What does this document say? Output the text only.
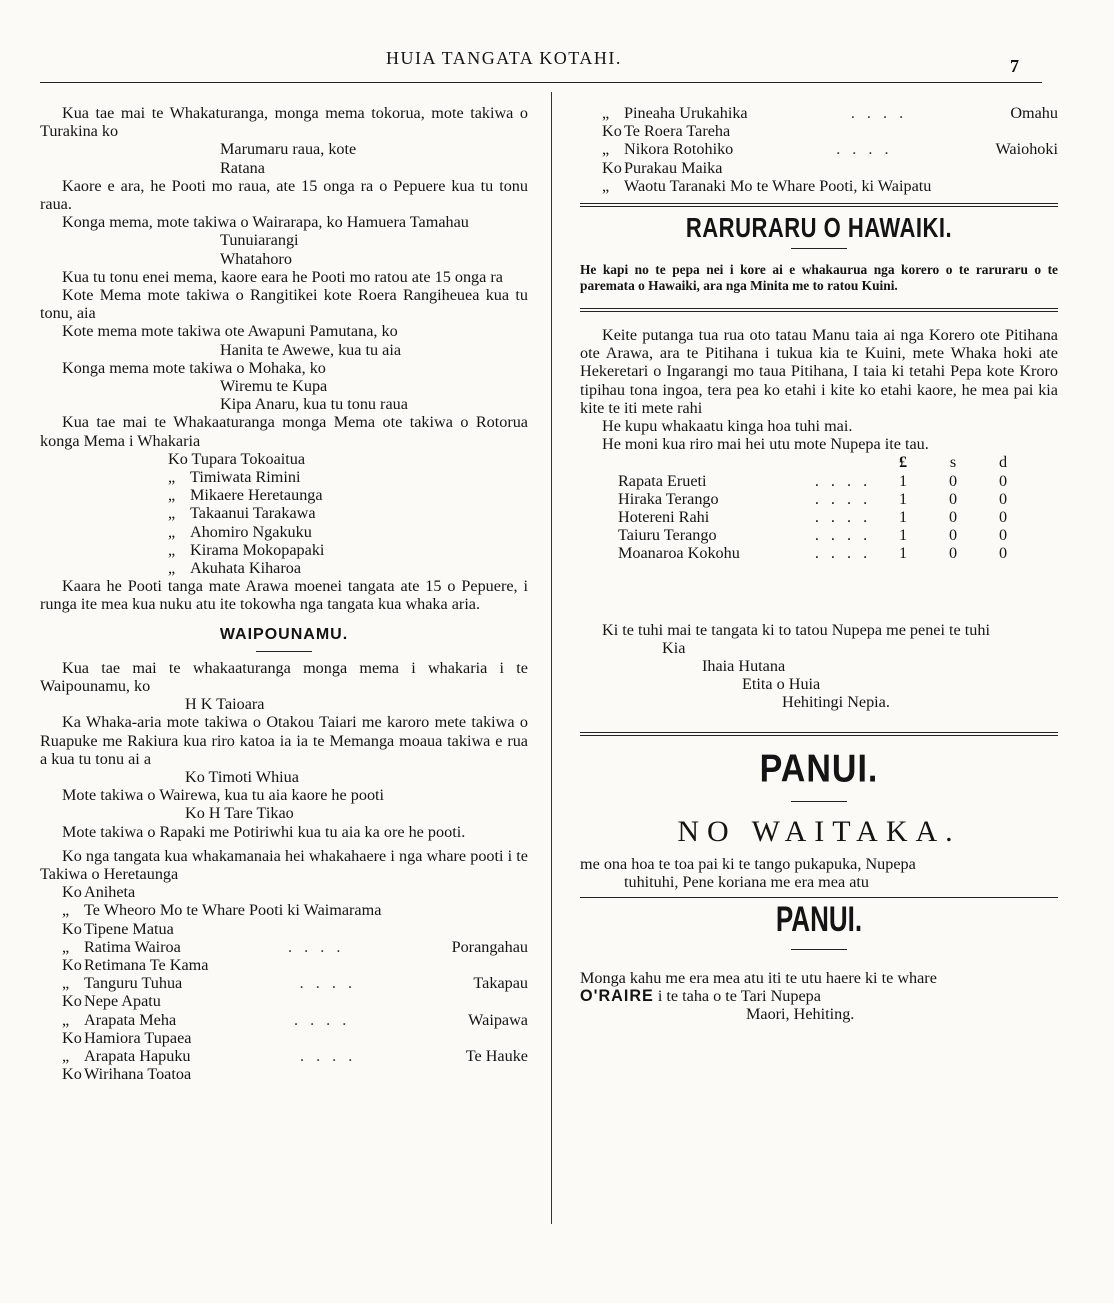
HUIA TANGATA KOTAHI.	7

Kua tae mai te Whakaturanga, monga mema tokorua, mote takiwa o Turakina ko

Marumaru raua, kote
Ratana

Kaore e ara, he Pooti mo raua, ate 15 onga ra o Pepuere kua tu tonu raua.

Konga mema, mote takiwa o Wairarapa, ko Hamuera Tamahau

Tunuiarangi
Whatahoro

Kua tu tonu enei mema, kaore eara he Pooti mo ratou ate 15 onga ra

Kote Mema mote takiwa o Rangitikei kote Roera Rangiheuea kua tu tonu, aia

Kote mema mote takiwa ote Awapuni Pamutana, ko
Hanita te Awewe, kua tu aia
Konga mema mote takiwa o Mohaka, ko
Wiremu te Kupa
Kipa Anaru, kua tu tonu raua

Kua tae mai te Whakaaturanga monga Mema ote takiwa o Rotorua konga Mema i Whakaria

Ko Tupara Tokoaitua
„ Timiwata Rimini
„ Mikaere Heretaunga
„ Takaanui Tarakawa
„ Ahomiro Ngakuku
„ Kirama Mokopapaki
„ Akuhata Kiharoa

Kaara he Pooti tanga mate Arawa moenei tangata ate 15 o Pepuere, i runga ite mea kua nuku atu ite tokowha nga tangata kua whaka aria.

WAIPOUNAMU.

Kua tae mai te whakaaturanga monga mema i whakaria i te Waipounamu, ko

H K Taioara

Ka Whaka-aria mote takiwa o Otakou Taiari me karoro mete takiwa o Ruapuke me Rakiura kua riro katoa ia ia te Memanga moaua takiwa e rua a kua tu tonu ai a

Ko Timoti Whiua
Mote takiwa o Wairewa, kua tu aia kaore he pooti
Ko H Tare Tikao

Mote takiwa o Rapaki me Potiriwhi kua tu aia ka ore he pooti.

Ko nga tangata kua whakamanaia hei whakahaere i nga whare pooti i te Takiwa o Heretaunga

Ko Aniheta
„ Te Wheoro Mo te Whare Pooti ki Waimarama
Ko Tipene Matua
„ Ratima Wairoa	. . . .	Porangahau
Ko Retimana Te Kama
„ Tanguru Tuhua	. . . .	Takapau
Ko Nepe Apatu
„ Arapata Meha	. . . .	Waipawa
Ko Hamiora Tupaea
„ Arapata Hapuku	. . . .	Te Hauke
Ko Wirihana Toatoa
„ Pineaha Urukahika	. . . .	Omahu
Ko Te Roera Tareha
„ Nikora Rotohiko	. . . .	Waiohoki
Ko Purakau Maika
„ Waotu Taranaki Mo te Whare Pooti, ki Waipatu
RARURARU O HAWAIKI.

He kapi no te pepa nei i kore ai e whakaurua nga korero o te raruraru o te paremata o Hawaiki, ara nga Minita me to ratou Kuini.

Keite putanga tua rua oto tatau Manu taia ai nga Korero ote Pitihana ote Arawa, ara te Pitihana i tukua kia te Kuini, mete Whaka hoki ate Hekeretari o Ingarangi mo taua Pitihana, I taia ki tetahi Pepa kote Kroro tipihau tona ingoa, tera pea ko etahi i kite ko etahi kaore, he mea pai kia kite te iti mete rahi

He kupu whakaatu kinga hoa tuhi mai.
He moni kua riro mai hei utu mote Nupepa ite tau.
		£	s	d
Rapata Erueti	. . . .	1	0	0
Hiraka Terango	. . . .	1	0	0
Hotereni Rahi	. . . .	1	0	0
Taiuru Terango	. . . .	1	0	0
Moanaroa Kokohu	. . . .	1	0	0

Ki te tuhi mai te tangata ki to tatou Nupepa me penei te tuhi

Kia
Ihaia Hutana
Etita o Huia
Hehitingi Nepia.
PANUI.
NO WAITAKA.
me ona hoa te toa pai ki te tango pukapuka, Nupepa
tuhituhi, Pene koriana me era mea atu
PANUI.
Monga kahu me era mea atu iti te utu haere ki te whare
O'RAIRE i te taha o te Tari Nupepa
Maori, Hehiting.
